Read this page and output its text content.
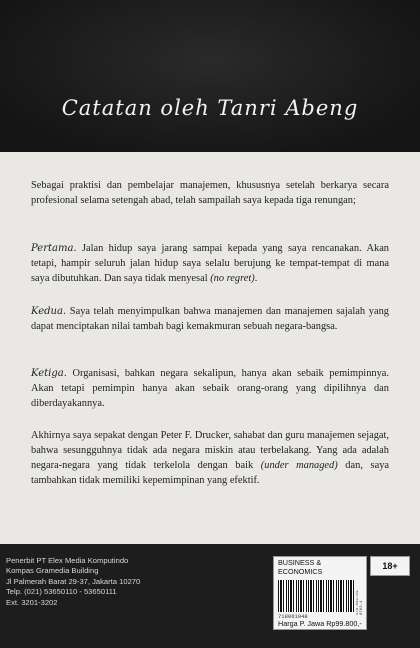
Catatan oleh Tanri Abeng

Sebagai praktisi dan pembelajar manajemen, khususnya setelah berkarya secara profesional selama setengah abad, telah sampailah saya kepada tiga renungan;

Pertama. Jalan hidup saya jarang sampai kepada yang saya rencanakan. Akan tetapi, hampir seluruh jalan hidup saya selalu berujung ke tempat-tempat di mana saya dibutuhkan. Dan saya tidak menyesal (no regret).

Kedua. Saya telah menyimpulkan bahwa manajemen dan manajemen sajalah yang dapat menciptakan nilai tambah bagi kemakmuran sebuah negara-bangsa.

Ketiga. Organisasi, bahkan negara sekalipun, hanya akan sebaik pemimpinnya. Akan tetapi pemimpin hanya akan sebaik orang-orang yang dipilihnya dan diberdayakannya.

Akhirnya saya sepakat dengan Peter F. Drucker, sahabat dan guru manajemen sejagat, bahwa sesungguhnya tidak ada negara miskin atau terbelakang. Yang ada adalah negara-negara yang tidak terkelola dengan baik (under managed) dan, saya tambahkan tidak memiliki kepemimpinan yang efektif.

Penerbit PT Elex Media Komputindo
Kompas Gramedia Building
Jl Palmerah Barat 29-37, Jakarta 10270
Telp. (021) 53650110 - 53650111
Ext. 3201-3202
BUSINESS &
ECONOMICS
718061948
978-602-04-8763-4
Harga P. Jawa Rp99.800,-
18+
